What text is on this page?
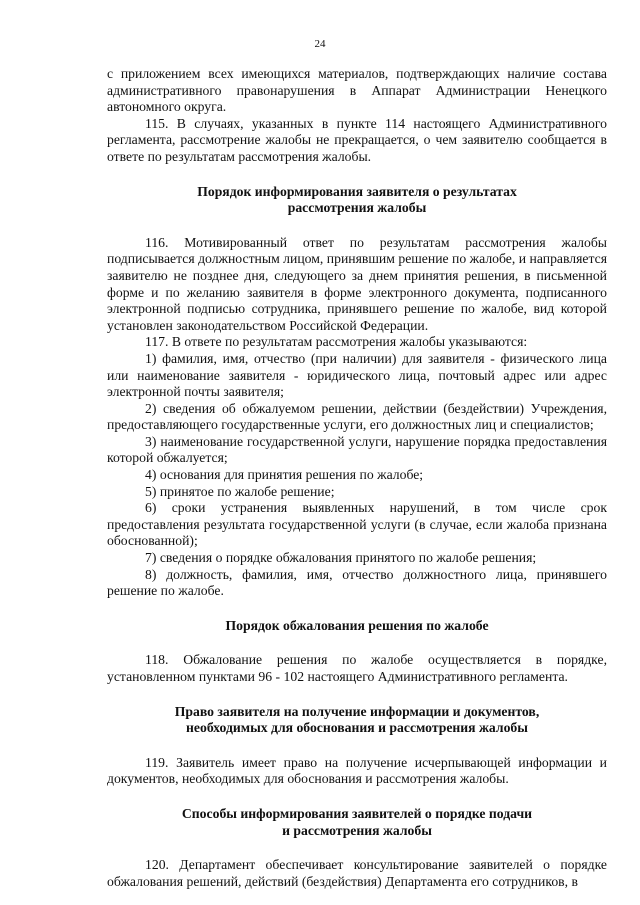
24

с приложением всех имеющихся материалов, подтверждающих наличие состава административного правонарушения в Аппарат Администрации Ненецкого автономного округа.

115. В случаях, указанных в пункте 114 настоящего Административного регламента, рассмотрение жалобы не прекращается, о чем заявителю сообщается в ответе по результатам рассмотрения жалобы.

Порядок информирования заявителя о результатах
рассмотрения жалобы

116. Мотивированный ответ по результатам рассмотрения жалобы подписывается должностным лицом, принявшим решение по жалобе, и направляется заявителю не позднее дня, следующего за днем принятия решения, в письменной форме и по желанию заявителя в форме электронного документа, подписанного электронной подписью сотрудника, принявшего решение по жалобе, вид которой установлен законодательством Российской Федерации.

117. В ответе по результатам рассмотрения жалобы указываются:

1) фамилия, имя, отчество (при наличии) для заявителя - физического лица или наименование заявителя - юридического лица, почтовый адрес или адрес электронной почты заявителя;

2) сведения об обжалуемом решении, действии (бездействии) Учреждения, предоставляющего государственные услуги, его должностных лиц и специалистов;

3) наименование государственной услуги, нарушение порядка предоставления которой обжалуется;

4) основания для принятия решения по жалобе;

5) принятое по жалобе решение;

6) сроки устранения выявленных нарушений, в том числе срок предоставления результата государственной услуги (в случае, если жалоба признана обоснованной);

7) сведения о порядке обжалования принятого по жалобе решения;

8) должность, фамилия, имя, отчество должностного лица, принявшего решение по жалобе.

Порядок обжалования решения по жалобе

118. Обжалование решения по жалобе осуществляется в порядке, установленном пунктами 96 - 102 настоящего Административного регламента.

Право заявителя на получение информации и документов,
необходимых для обоснования и рассмотрения жалобы

119. Заявитель имеет право на получение исчерпывающей информации и документов, необходимых для обоснования и рассмотрения жалобы.

Способы информирования заявителей о порядке подачи
и рассмотрения жалобы

120. Департамент обеспечивает консультирование заявителей о порядке обжалования решений, действий (бездействия) Департамента его сотрудников, в
